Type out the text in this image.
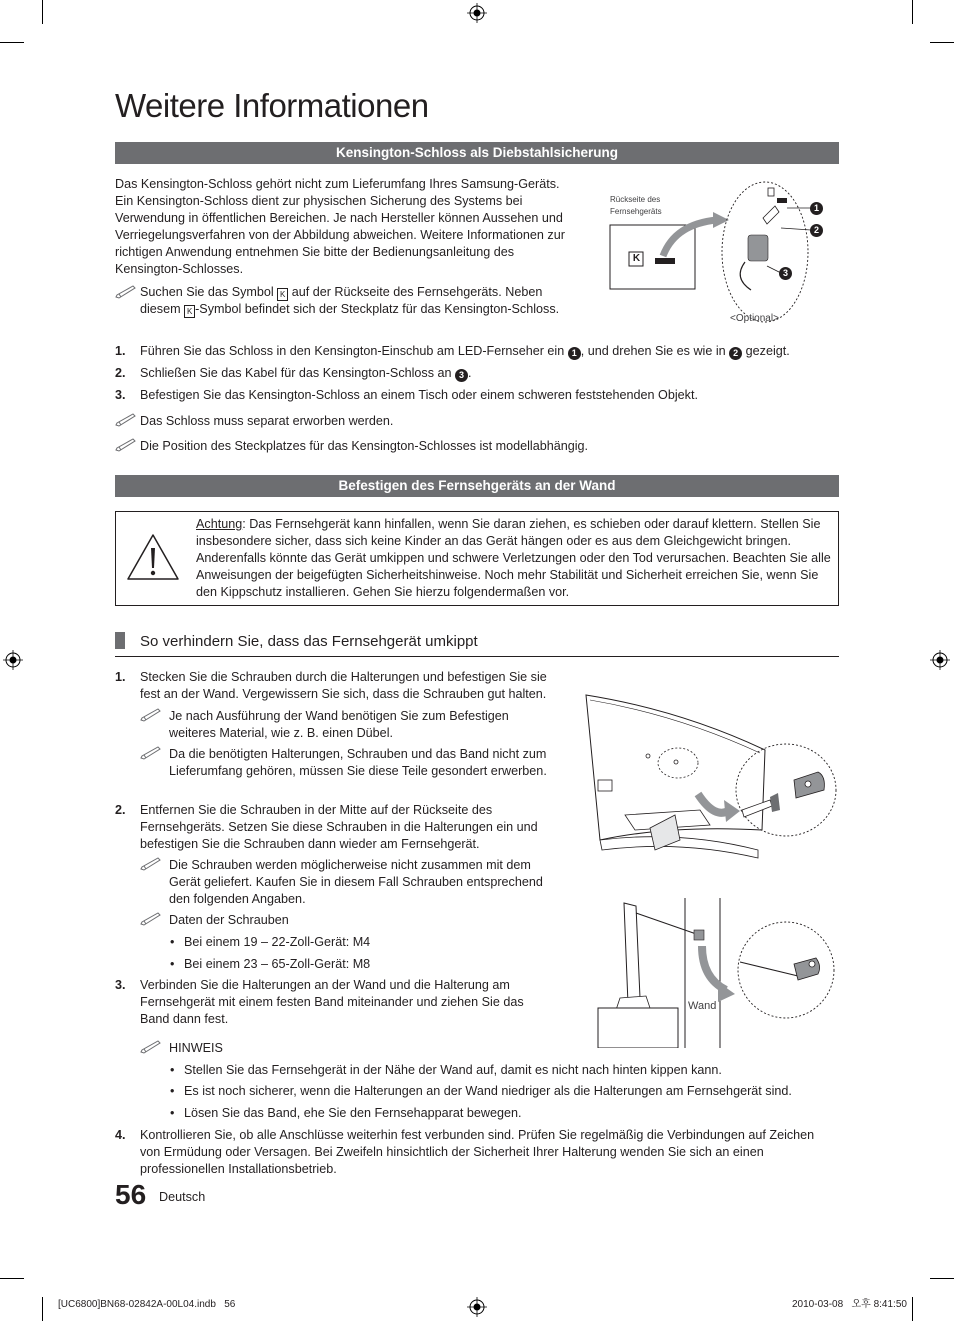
Weitere Informationen
Kensington-Schloss als Diebstahlsicherung

Das Kensington-Schloss gehört nicht zum Lieferumfang Ihres Samsung-Geräts. Ein Kensington-Schloss dient zur physischen Sicherung des Systems bei Verwendung in öffentlichen Bereichen. Je nach Hersteller können Aussehen und Verriegelungsverfahren von der Abbildung abweichen. Weitere Informationen zur richtigen Anwendung entnehmen Sie bitte der Bedienungsanleitung des Kensington-Schlosses.

Suchen Sie das Symbol K auf der Rückseite des Fernsehgeräts. Neben diesem K -Symbol befindet sich der Steckplatz für das Kensington-Schloss.
Rückseite des Fernsehgeräts
K
1
2
3
<Optional>
1. Führen Sie das Schloss in den Kensington-Einschub am LED-Fernseher ein 1 , und drehen Sie es wie in 2 gezeigt.
2. Schließen Sie das Kabel für das Kensington-Schloss an 3 .
3. Befestigen Sie das Kensington-Schloss an einem Tisch oder einem schweren feststehenden Objekt.
Das Schloss muss separat erworben werden.
Die Position des Steckplatzes für das Kensington-Schlosses ist modellabhängig.
Befestigen des Fernsehgeräts an der Wand
Achtung: Das Fernsehgerät kann hinfallen, wenn Sie daran ziehen, es schieben oder darauf klettern. Stellen Sie insbesondere sicher, dass sich keine Kinder an das Gerät hängen oder es aus dem Gleichgewicht bringen. Anderenfalls könnte das Gerät umkippen und schwere Verletzungen oder den Tod verursachen. Beachten Sie alle Anweisungen der beigefügten Sicherheitshinweise. Noch mehr Stabilität und Sicherheit erreichen Sie, wenn Sie den Kippschutz installieren. Gehen Sie hierzu folgendermaßen vor.
So verhindern Sie, dass das Fernsehgerät umkippt
1. Stecken Sie die Schrauben durch die Halterungen und befestigen Sie sie fest an der Wand. Vergewissern Sie sich, dass die Schrauben gut halten.
Je nach Ausführung der Wand benötigen Sie zum Befestigen weiteres Material, wie z. B. einen Dübel.
Da die benötigten Halterungen, Schrauben und das Band nicht zum Lieferumfang gehören, müssen Sie diese Teile gesondert erwerben.
2. Entfernen Sie die Schrauben in der Mitte auf der Rückseite des Fernsehgeräts. Setzen Sie diese Schrauben in die Halterungen ein und befestigen Sie die Schrauben dann wieder am Fernsehgerät.
Die Schrauben werden möglicherweise nicht zusammen mit dem Gerät geliefert. Kaufen Sie in diesem Fall Schrauben entsprechend den folgenden Angaben.
Daten der Schrauben
• Bei einem 19 – 22-Zoll-Gerät: M4
• Bei einem 23 – 65-Zoll-Gerät: M8
3. Verbinden Sie die Halterungen an der Wand und die Halterung am Fernsehgerät mit einem festen Band miteinander und ziehen Sie das Band dann fest.
HINWEIS
• Stellen Sie das Fernsehgerät in der Nähe der Wand auf, damit es nicht nach hinten kippen kann.
• Es ist noch sicherer, wenn die Halterungen an der Wand niedriger als die Halterungen am Fernsehgerät sind.
• Lösen Sie das Band, ehe Sie den Fernsehapparat bewegen.
4. Kontrollieren Sie, ob alle Anschlüsse weiterhin fest verbunden sind. Prüfen Sie regelmäßig die Verbindungen auf Zeichen von Ermüdung oder Versagen. Bei Zweifeln hinsichtlich der Sicherheit Ihrer Halterung wenden Sie sich an einen professionellen Installationsbetrieb.
Wand
56 Deutsch
[UC6800]BN68-02842A-00L04.indb   56	2010-03-08   오후 8:41:50
